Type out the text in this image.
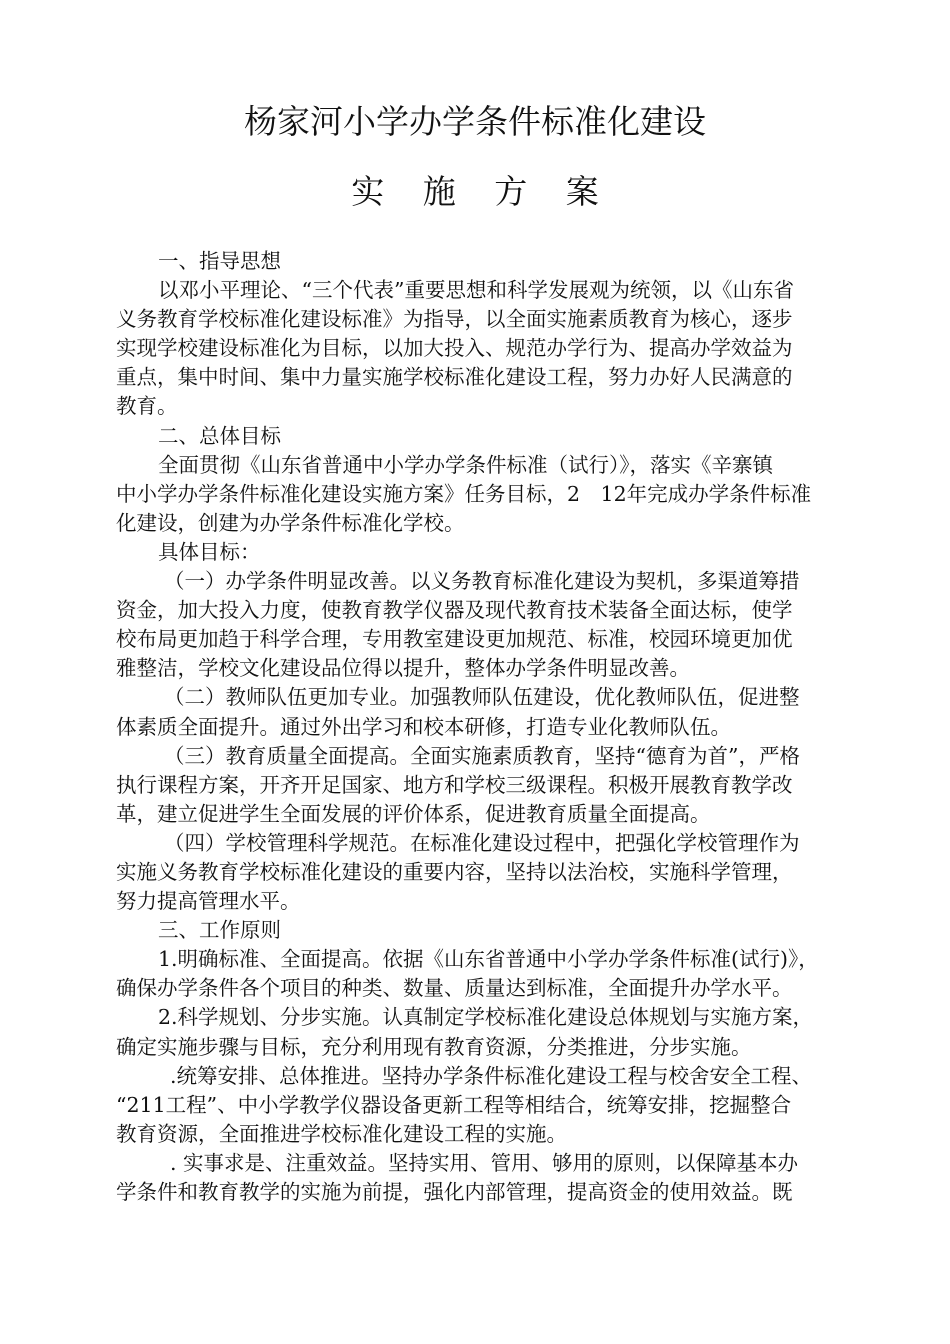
杨家河小学办学条件标准化建设
实 施 方 案
一、指导思想
以邓小平理论、“三个代表”重要思想和科学发展观为统领，以《山东省
义务教育学校标准化建设标准》为指导，以全面实施素质教育为核心，逐步
实现学校建设标准化为目标，以加大投入、规范办学行为、提高办学效益为
重点，集中时间、集中力量实施学校标准化建设工程，努力办好人民满意的
教育。
二、总体目标
全面贯彻《山东省普通中小学办学条件标准（试行）》，落实《辛寨镇
中小学办学条件标准化建设实施方案》任务目标，2　12年完成办学条件标准
化建设，创建为办学条件标准化学校。
具体目标：
（一）办学条件明显改善。以义务教育标准化建设为契机，多渠道筹措
资金，加大投入力度，使教育教学仪器及现代教育技术装备全面达标，使学
校布局更加趋于科学合理，专用教室建设更加规范、标准，校园环境更加优
雅整洁，学校文化建设品位得以提升，整体办学条件明显改善。
（二）教师队伍更加专业。加强教师队伍建设，优化教师队伍，促进整
体素质全面提升。通过外出学习和校本研修，打造专业化教师队伍。
（三）教育质量全面提高。全面实施素质教育，坚持“德育为首”，严格
执行课程方案，开齐开足国家、地方和学校三级课程。积极开展教育教学改
革，建立促进学生全面发展的评价体系，促进教育质量全面提高。
（四）学校管理科学规范。在标准化建设过程中，把强化学校管理作为
实施义务教育学校标准化建设的重要内容，坚持以法治校，实施科学管理，
努力提高管理水平。
三、工作原则
1.明确标准、全面提高。依据《山东省普通中小学办学条件标准(试行)》，
确保办学条件各个项目的种类、数量、质量达到标准，全面提升办学水平。
2.科学规划、分步实施。认真制定学校标准化建设总体规划与实施方案，
确定实施步骤与目标，充分利用现有教育资源，分类推进，分步实施。
.统筹安排、总体推进。坚持办学条件标准化建设工程与校舍安全工程、
“211工程”、中小学教学仪器设备更新工程等相结合，统筹安排，挖掘整合
教育资源，全面推进学校标准化建设工程的实施。
. 实事求是、注重效益。坚持实用、管用、够用的原则，以保障基本办
学条件和教育教学的实施为前提，强化内部管理，提高资金的使用效益。既
